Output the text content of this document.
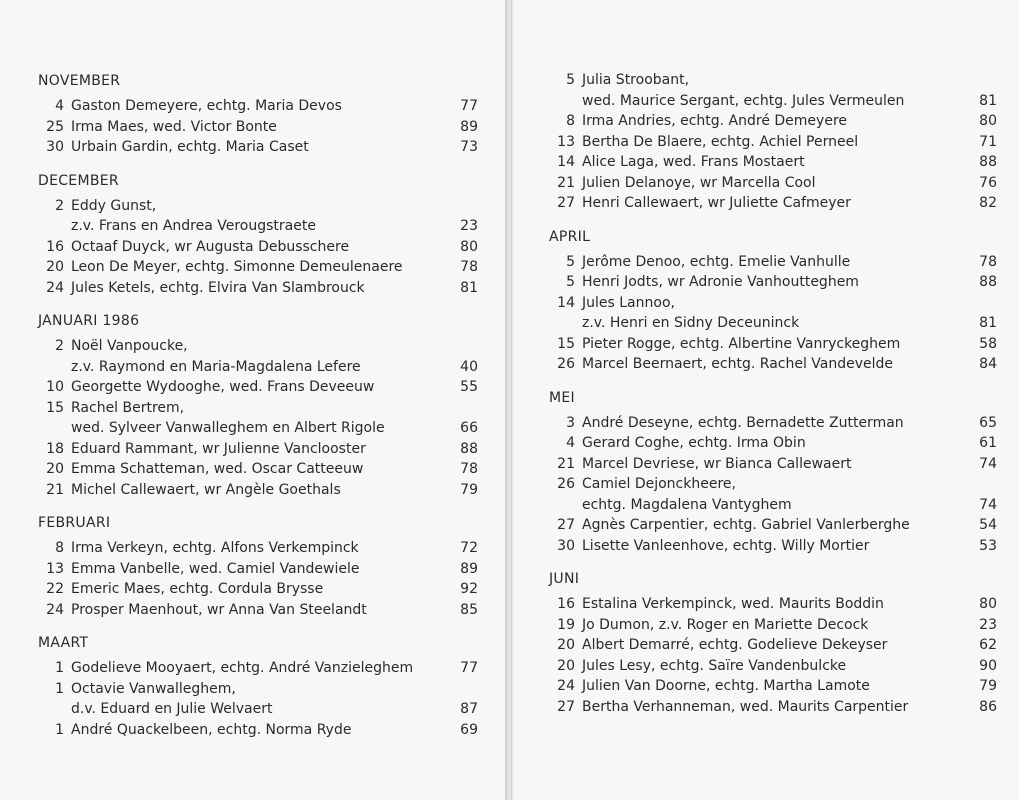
NOVEMBER
4 Gaston Demeyere, echtg. Maria Devos	77
25 Irma Maes, wed. Victor Bonte	89
30 Urbain Gardin, echtg. Maria Caset	73
DECEMBER
2 Eddy Gunst,
z.v. Frans en Andrea Verougstraete	23
16 Octaaf Duyck, wr Augusta Debusschere	80
20 Leon De Meyer, echtg. Simonne Demeulenaere	78
24 Jules Ketels, echtg. Elvira Van Slambrouck	81
JANUARI 1986
2 Noël Vanpoucke,
z.v. Raymond en Maria-Magdalena Lefere	40
10 Georgette Wydooghe, wed. Frans Deveeuw	55
15 Rachel Bertrem,
wed. Sylveer Vanwalleghem en Albert Rigole	66
18 Eduard Rammant, wr Julienne Vanclooster	88
20 Emma Schatteman, wed. Oscar Catteeuw	78
21 Michel Callewaert, wr Angèle Goethals	79
FEBRUARI
8 Irma Verkeyn, echtg. Alfons Verkempinck	72
13 Emma Vanbelle, wed. Camiel Vandewiele	89
22 Emeric Maes, echtg. Cordula Brysse	92
24 Prosper Maenhout, wr Anna Van Steelandt	85
MAART
1 Godelieve Mooyaert, echtg. André Vanzieleghem	77
1 Octavie Vanwalleghem,
d.v. Eduard en Julie Welvaert	87
1 André Quackelbeen, echtg. Norma Ryde	69
5 Julia Stroobant,
wed. Maurice Sergant, echtg. Jules Vermeulen	81
8 Irma Andries, echtg. André Demeyere	80
13 Bertha De Blaere, echtg. Achiel Perneel	71
14 Alice Laga, wed. Frans Mostaert	88
21 Julien Delanoye, wr Marcella Cool	76
27 Henri Callewaert, wr Juliette Cafmeyer	82
APRIL
5 Jerôme Denoo, echtg. Emelie Vanhulle	78
5 Henri Jodts, wr Adronie Vanhoutteghem	88
14 Jules Lannoo,
z.v. Henri en Sidny Deceuninck	81
15 Pieter Rogge, echtg. Albertine Vanryckeghem	58
26 Marcel Beernaert, echtg. Rachel Vandevelde	84
MEI
3 André Deseyne, echtg. Bernadette Zutterman	65
4 Gerard Coghe, echtg. Irma Obin	61
21 Marcel Devriese, wr Bianca Callewaert	74
26 Camiel Dejonckheere,
echtg. Magdalena Vantyghem	74
27 Agnès Carpentier, echtg. Gabriel Vanlerberghe	54
30 Lisette Vanleenhove, echtg. Willy Mortier	53
JUNI
16 Estalina Verkempinck, wed. Maurits Boddin	80
19 Jo Dumon, z.v. Roger en Mariette Decock	23
20 Albert Demarré, echtg. Godelieve Dekeyser	62
20 Jules Lesy, echtg. Saïre Vandenbulcke	90
24 Julien Van Doorne, echtg. Martha Lamote	79
27 Bertha Verhanneman, wed. Maurits Carpentier	86
